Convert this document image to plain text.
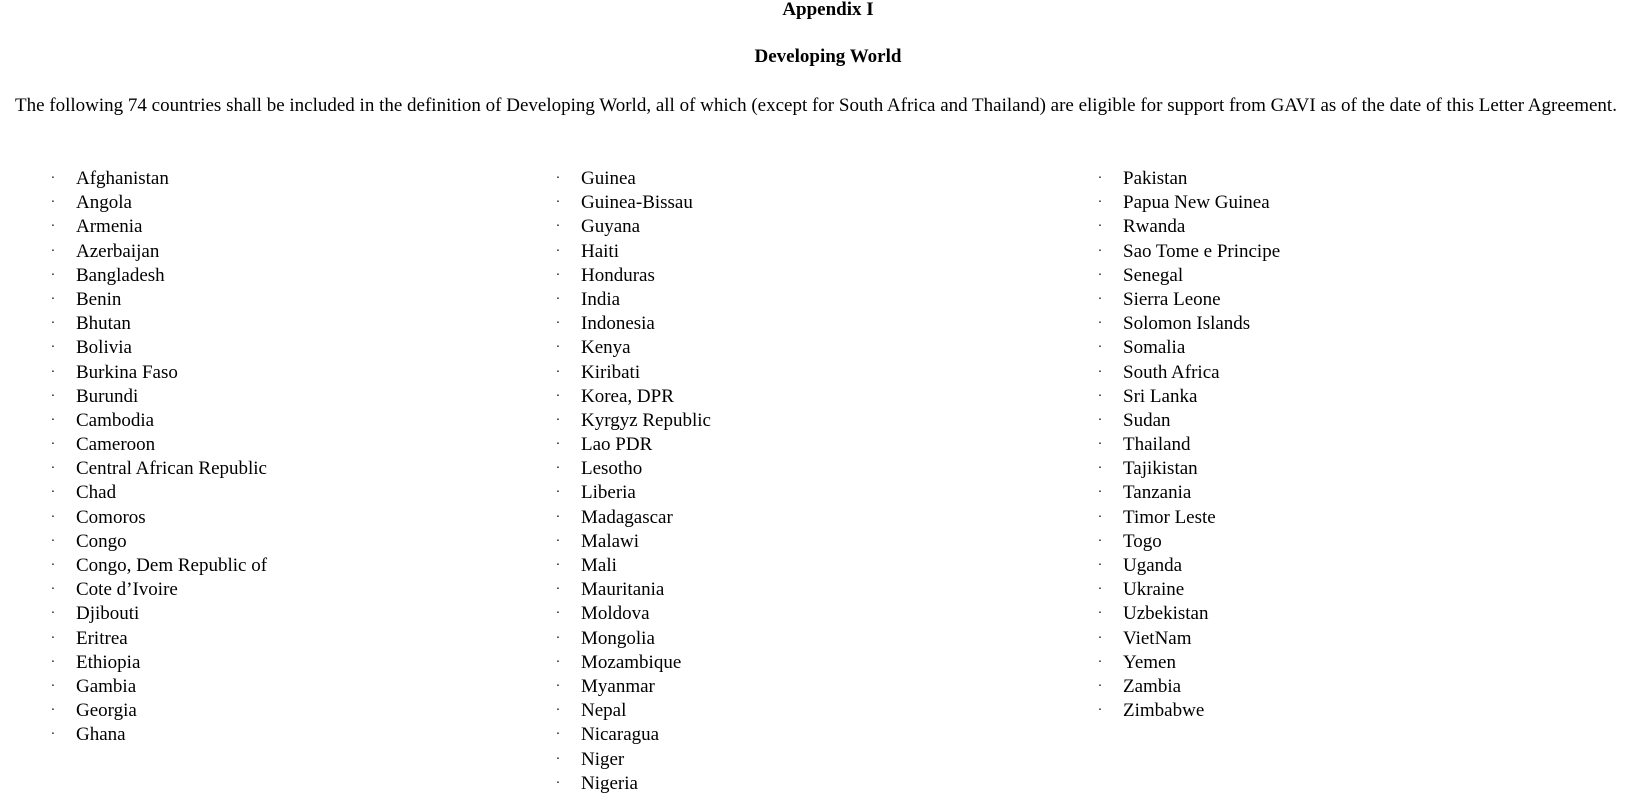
Appendix I
Developing World

The following 74 countries shall be included in the definition of Developing World, all of which (except for South Africa and Thailand) are eligible for support from GAVI as of the date of this Letter Agreement.

· Afghanistan
· Angola
· Armenia
· Azerbaijan
· Bangladesh
· Benin
· Bhutan
· Bolivia
· Burkina Faso
· Burundi
· Cambodia
· Cameroon
· Central African Republic
· Chad
· Comoros
· Congo
· Congo, Dem Republic of
· Cote d’Ivoire
· Djibouti
· Eritrea
· Ethiopia
· Gambia
· Georgia
· Ghana
· Guinea
· Guinea-Bissau
· Guyana
· Haiti
· Honduras
· India
· Indonesia
· Kenya
· Kiribati
· Korea, DPR
· Kyrgyz Republic
· Lao PDR
· Lesotho
· Liberia
· Madagascar
· Malawi
· Mali
· Mauritania
· Moldova
· Mongolia
· Mozambique
· Myanmar
· Nepal
· Nicaragua
· Niger
· Nigeria
· Pakistan
· Papua New Guinea
· Rwanda
· Sao Tome e Principe
· Senegal
· Sierra Leone
· Solomon Islands
· Somalia
· South Africa
· Sri Lanka
· Sudan
· Thailand
· Tajikistan
· Tanzania
· Timor Leste
· Togo
· Uganda
· Ukraine
· Uzbekistan
· VietNam
· Yemen
· Zambia
· Zimbabwe
